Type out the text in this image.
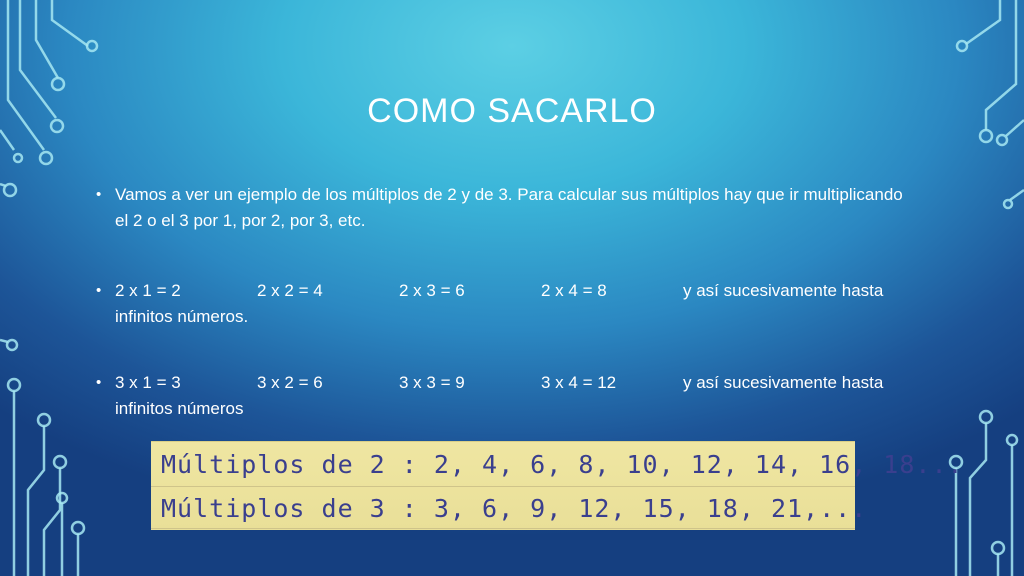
COMO SACARLO
• Vamos a ver un ejemplo de los múltiplos de 2 y de 3. Para calcular sus múltiplos hay que ir multiplicando el 2 o el 3 por 1, por 2, por 3, etc.
• 2 x 1 = 2	2 x 2 = 4	2 x 3 = 6	2 x 4 = 8	y así sucesivamente hasta
infinitos números.
• 3 x 1 = 3	3 x 2 = 6	3 x 3 = 9	3 x 4 = 12	y así sucesivamente hasta
infinitos números
Múltiplos de 2 : 2, 4, 6, 8, 10, 12, 14, 16, 18...
Múltiplos de 3 : 3, 6, 9, 12, 15, 18, 21,...
